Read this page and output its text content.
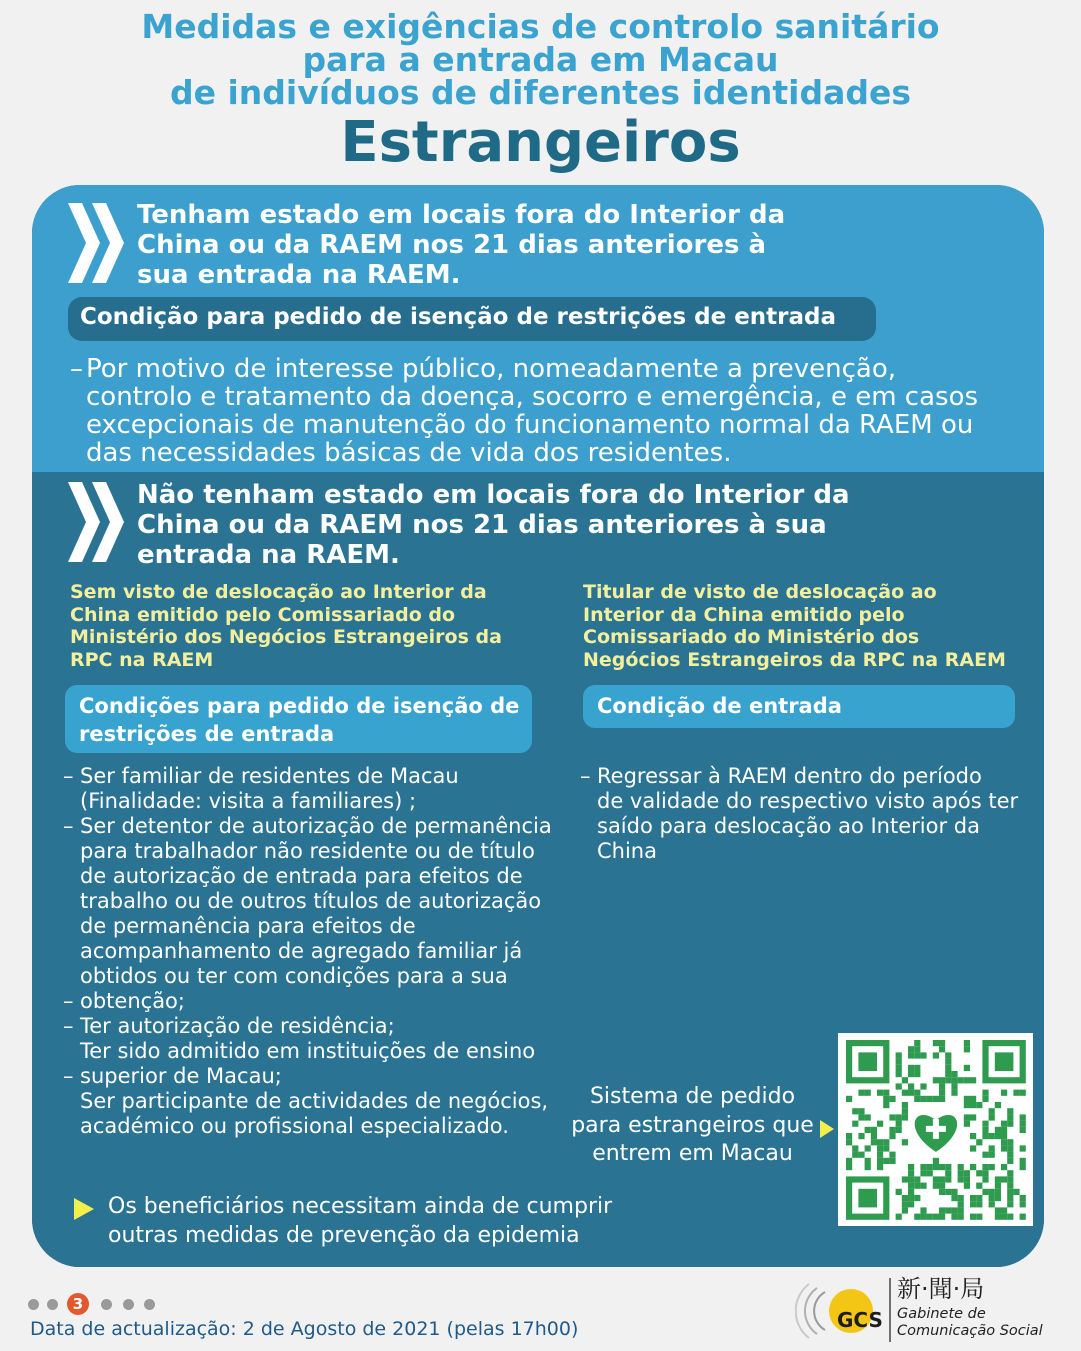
Medidas e exigências de controlo sanitário
para a entrada em Macau
de indivíduos de diferentes identidades
Estrangeiros
Tenham estado em locais fora do Interior da
China ou da RAEM nos 21 dias anteriores à
sua entrada na RAEM.
Condição para pedido de isenção de restrições de entrada
– Por motivo de interesse público, nomeadamente a prevenção,
controlo e tratamento da doença, socorro e emergência, e em casos
excepcionais de manutenção do funcionamento normal da RAEM ou
das necessidades básicas de vida dos residentes.
Não tenham estado em locais fora do Interior da
China ou da RAEM nos 21 dias anteriores à sua
entrada na RAEM.
Sem visto de deslocação ao Interior da
China emitido pelo Comissariado do
Ministério dos Negócios Estrangeiros da
RPC na RAEM
Condições para pedido de isenção de
restrições de entrada
– Ser familiar de residentes de Macau
(Finalidade: visita a familiares) ;
– Ser detentor de autorização de permanência
para trabalhador não residente ou de título
de autorização de entrada para efeitos de
trabalho ou de outros títulos de autorização
de permanência para efeitos de
acompanhamento de agregado familiar já
obtidos ou ter com condições para a sua
– obtenção;
– Ter autorização de residência;
Ter sido admitido em instituições de ensino
– superior de Macau;
Ser participante de actividades de negócios,
académico ou profissional especializado.
Titular de visto de deslocação ao
Interior da China emitido pelo
Comissariado do Ministério dos
Negócios Estrangeiros da RPC na RAEM
Condição de entrada
– Regressar à RAEM dentro do período
de validade do respectivo visto após ter
saído para deslocação ao Interior da
China
Sistema de pedido
para estrangeiros que
entrem em Macau
Os beneficiários necessitam ainda de cumprir
outras medidas de prevenção da epidemia
3
Data de actualização: 2 de Agosto de 2021 (pelas 17h00)	GCS
新·聞·局
Gabinete de
Comunicação Social
